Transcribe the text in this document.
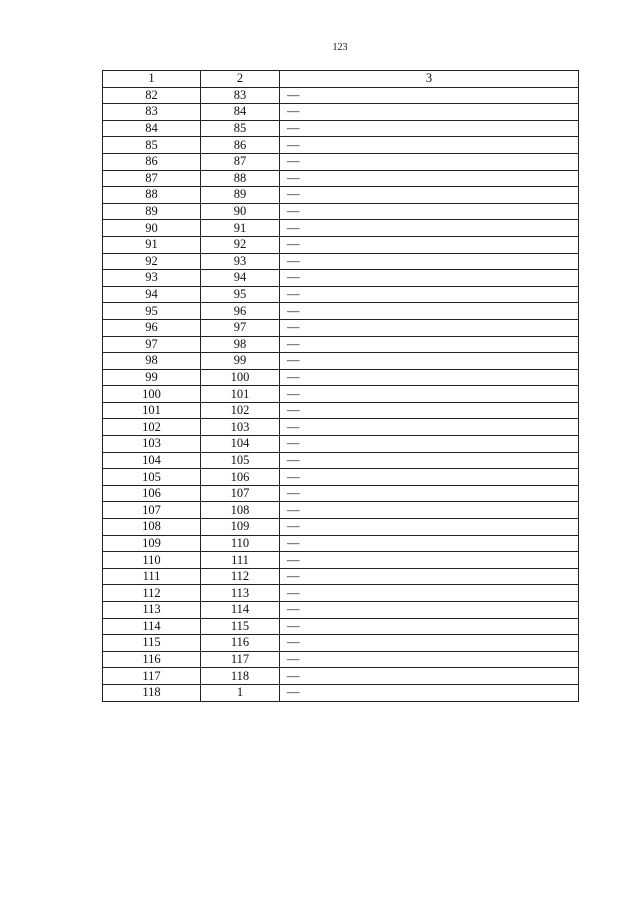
123
1	2	3
82	83	—
83	84	—
84	85	—
85	86	—
86	87	—
87	88	—
88	89	—
89	90	—
90	91	—
91	92	—
92	93	—
93	94	—
94	95	—
95	96	—
96	97	—
97	98	—
98	99	—
99	100	—
100	101	—
101	102	—
102	103	—
103	104	—
104	105	—
105	106	—
106	107	—
107	108	—
108	109	—
109	110	—
110	111	—
111	112	—
112	113	—
113	114	—
114	115	—
115	116	—
116	117	—
117	118	—
118	1	—
